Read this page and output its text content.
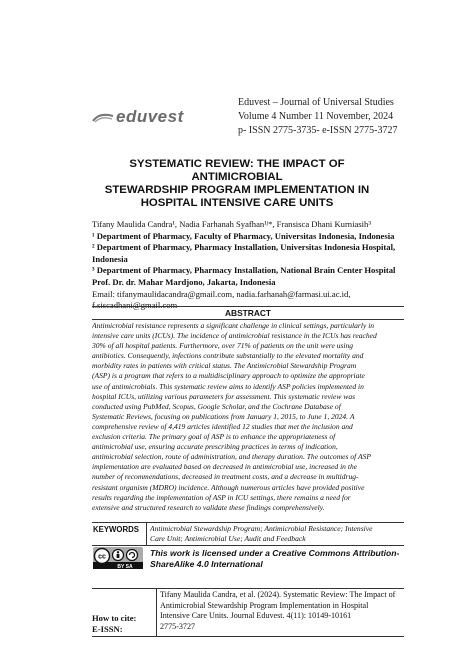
eduvest
Eduvest – Journal of Universal Studies
Volume 4 Number 11 November, 2024
p- ISSN 2775-3735- e-ISSN 2775-3727
SYSTEMATIC REVIEW: THE IMPACT OF ANTIMICROBIAL
STEWARDSHIP PROGRAM IMPLEMENTATION IN
HOSPITAL INTENSIVE CARE UNITS
Tifany Maulida Candra¹, Nadia Farhanah Syafhan¹ʲ*, Fransisca Dhani Kurniasih³
¹ Department of Pharmacy, Faculty of Pharmacy, Universitas Indonesia, Indonesia
² Department of Pharmacy, Pharmacy Installation, Universitas Indonesia Hospital,
Indonesia
³ Department of Pharmacy, Pharmacy Installation, National Brain Center Hospital
Prof. Dr. dr. Mahar Mardjono, Jakarta, Indonesia
Email: tifanymaulidacandra@gmail.com, nadia.farhanah@farmasi.ui.ac.id,
ABSTRACT
Antimicrobial resistance represents a significant challenge in clinical settings, particularly in
intensive care units (ICUs). The incidence of antimicrobial resistance in the ICUs has reached
30% of all hospital patients. Furthermore, over 71% of patients on the unit were using
antibiotics. Consequently, infections contribute substantially to the elevated mortality and
morbidity rates in patients with critical status. The Antimicrobial Stewardship Program
(ASP) is a program that refers to a multidisciplinary approach to optimize the appropriate
use of antimicrobials. This systematic review aims to identify ASP policies implemented in
hospital ICUs, utilizing various parameters for assessment. This systematic review was
conducted using PubMed, Scopus, Google Scholar, and the Cochrane Database of
Systematic Reviews, focusing on publications from January 1, 2015, to June 1, 2024. A
comprehensive review of 4,419 articles identified 12 studies that met the inclusion and
exclusion criteria. The primary goal of ASP is to enhance the appropriateness of
antimicrobial use, ensuring accurate prescribing practices in terms of indication,
antimicrobial selection, route of administration, and therapy duration. The outcomes of ASP
implementation are evaluated based on decreased in antimicrobial use, increased in the
number of recommendations, decreased in treatment costs, and a decrease in multidrug-
resistant organism (MDRO) incidence. Although numerous articles have provided positive
results regarding the implementation of ASP in ICU settings, there remains a need for
extensive and structured research to validate these findings comprehensively.
KEYWORDS Antimicrobial Stewardship Program; Antimicrobial Resistance; Intensive
Care Unit; Antimicrobial Use; Audit and Feedback
cc
BY SA
This work is licensed under a Creative Commons Attribution-
ShareAlike 4.0 International
How to cite:
E-ISSN:
Tifany Maulida Candra, et al. (2024). Systematic Review: The Impact of
Antimicrobial Stewardship Program Implementation in Hospital
Intensive Care Units. Journal Eduvest. 4(11): 10149-10161
2775-3727
